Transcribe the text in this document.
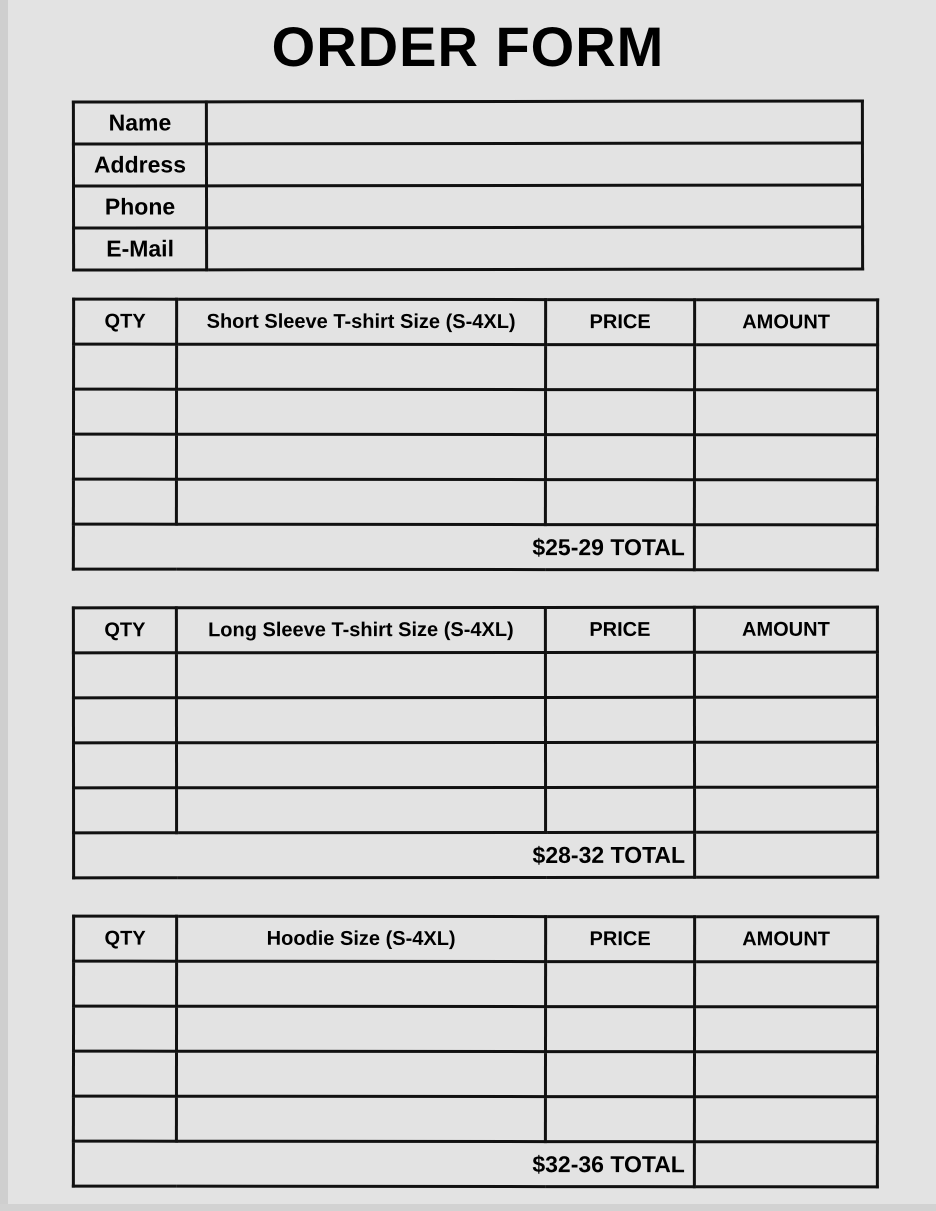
ORDER FORM
Name	
Address	
Phone	
E-Mail	
QTY	Short Sleeve T-shirt Size (S-4XL)	PRICE	AMOUNT

$25-29 TOTAL			
QTY	Long Sleeve T-shirt Size (S-4XL)	PRICE	AMOUNT

$28-32 TOTAL			
QTY	Hoodie Size (S-4XL)	PRICE	AMOUNT

$32-36 TOTAL			
